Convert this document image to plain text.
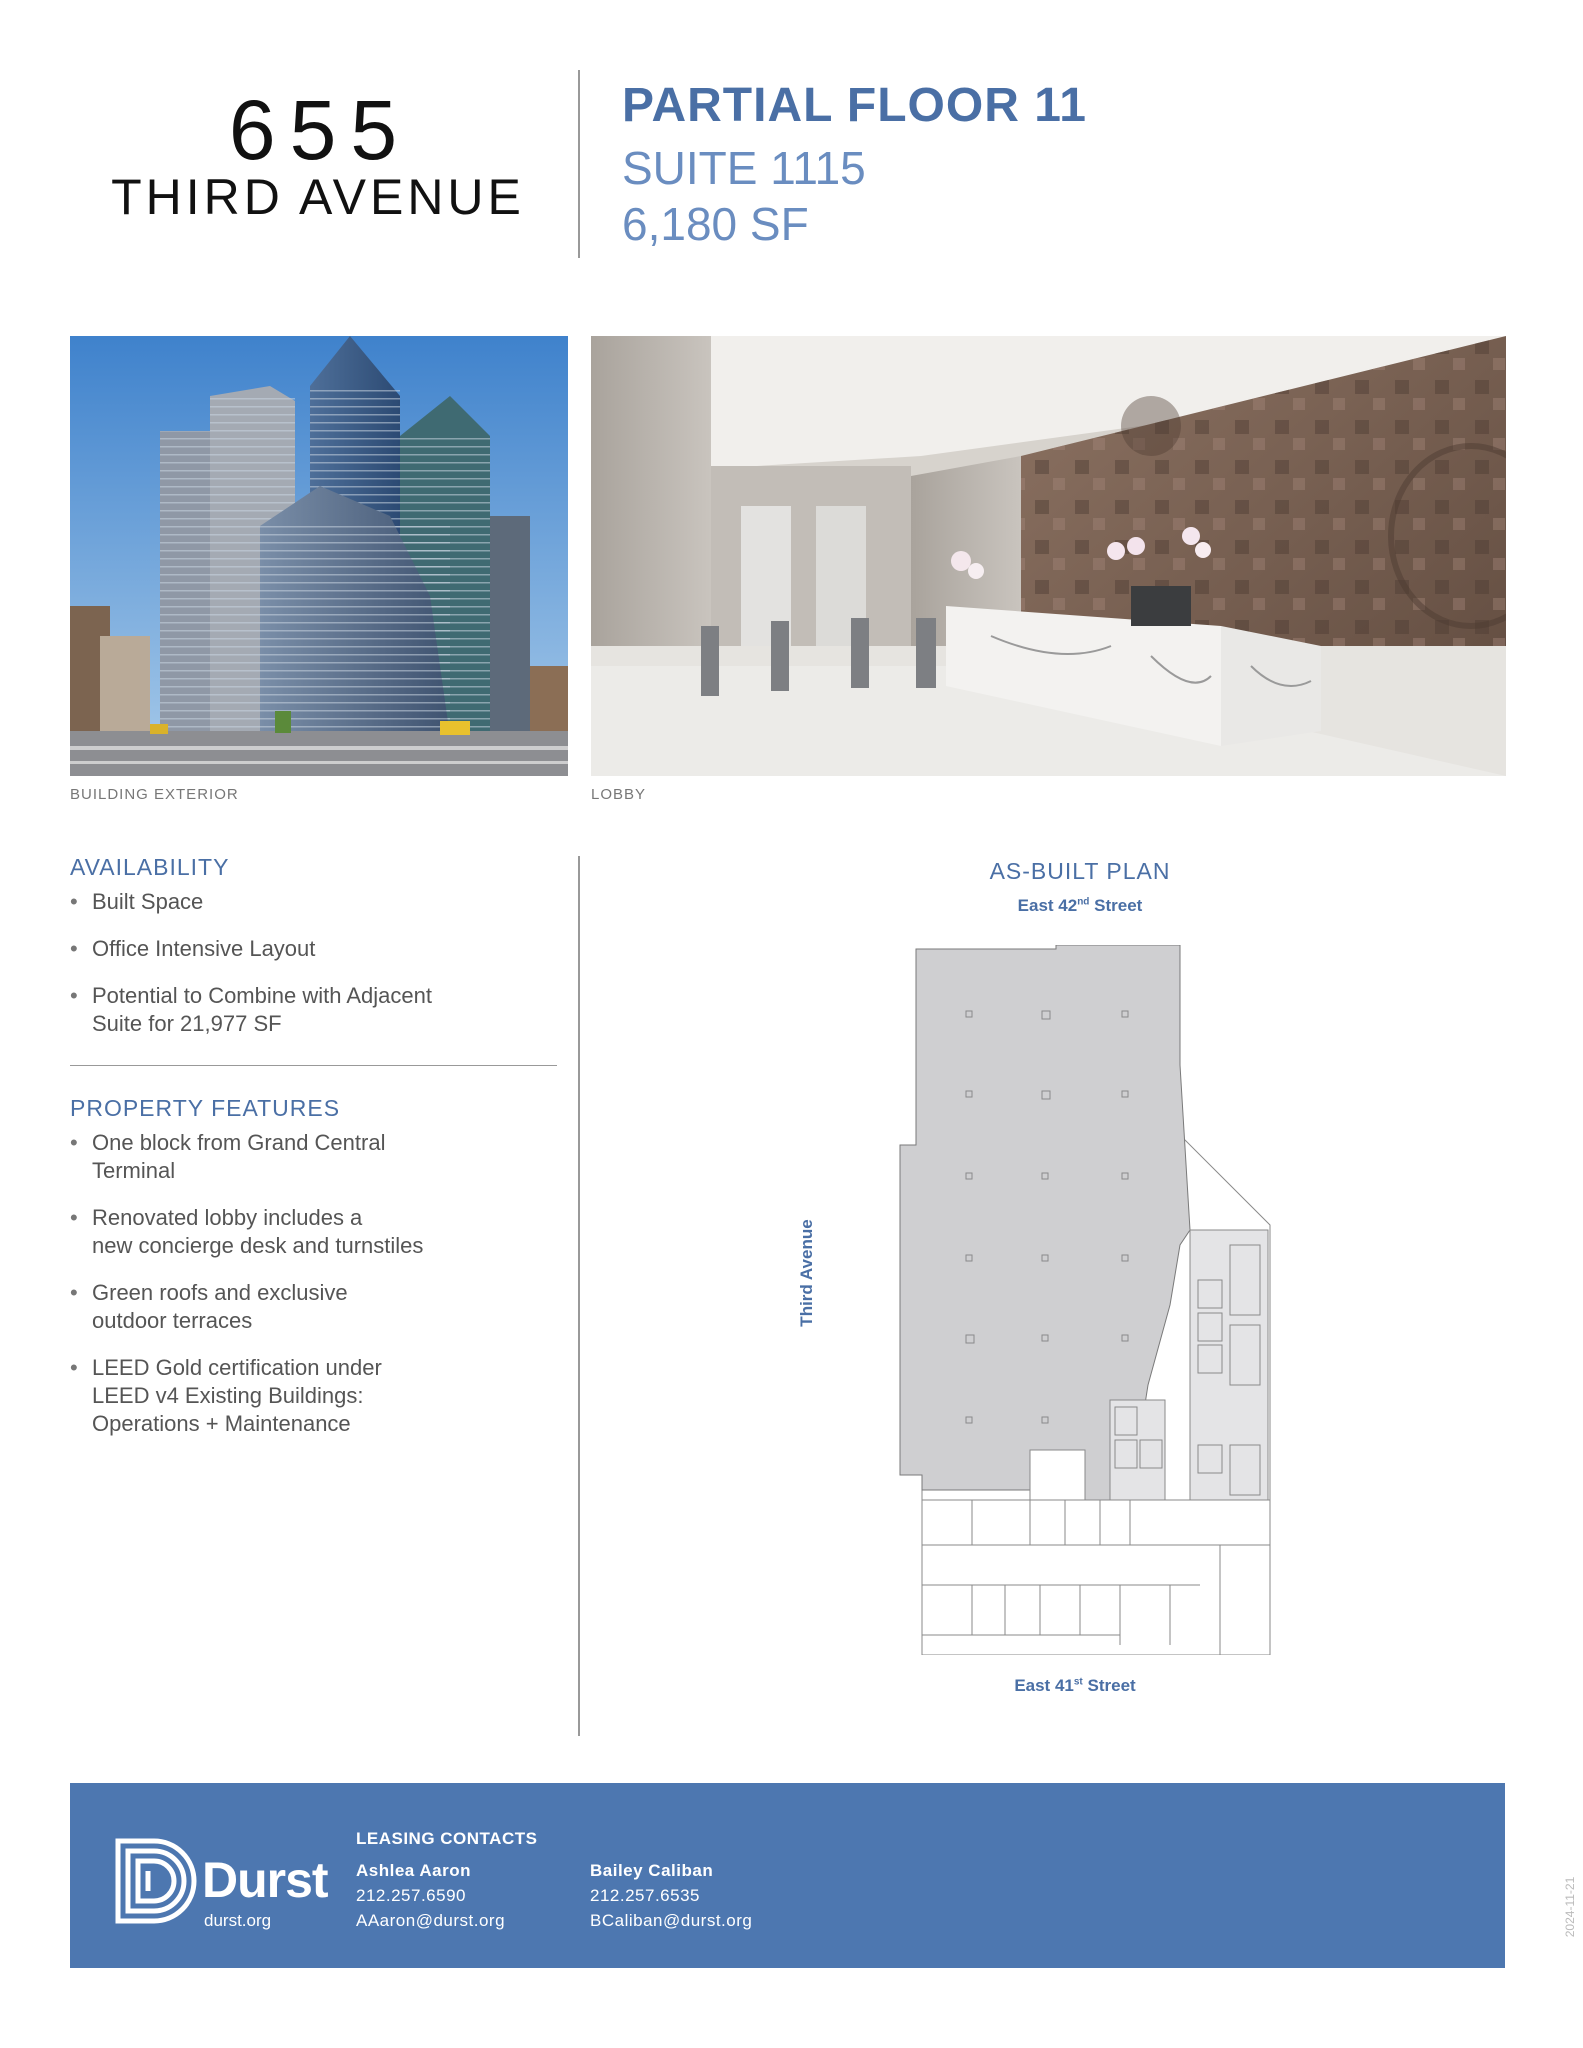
655
THIRD AVENUE
PARTIAL FLOOR 11
SUITE 1115
6,180 SF
BUILDING EXTERIOR	LOBBY
AVAILABILITY
• Built Space
• Office Intensive Layout
• Potential to Combine with Adjacent
Suite for 21,977 SF
PROPERTY FEATURES
• One block from Grand Central
Terminal
• Renovated lobby includes a
new concierge desk and turnstiles
• Green roofs and exclusive
outdoor terraces
• LEED Gold certification under
LEED v4 Existing Buildings:
Operations + Maintenance
AS-BUILT PLAN
East 42nd Street
Third Avenue
East 41st Street
Durst
durst.org
LEASING CONTACTS
Ashlea Aaron
212.257.6590
AAaron@durst.org
Bailey Caliban
212.257.6535
BCaliban@durst.org	2024-11-21
